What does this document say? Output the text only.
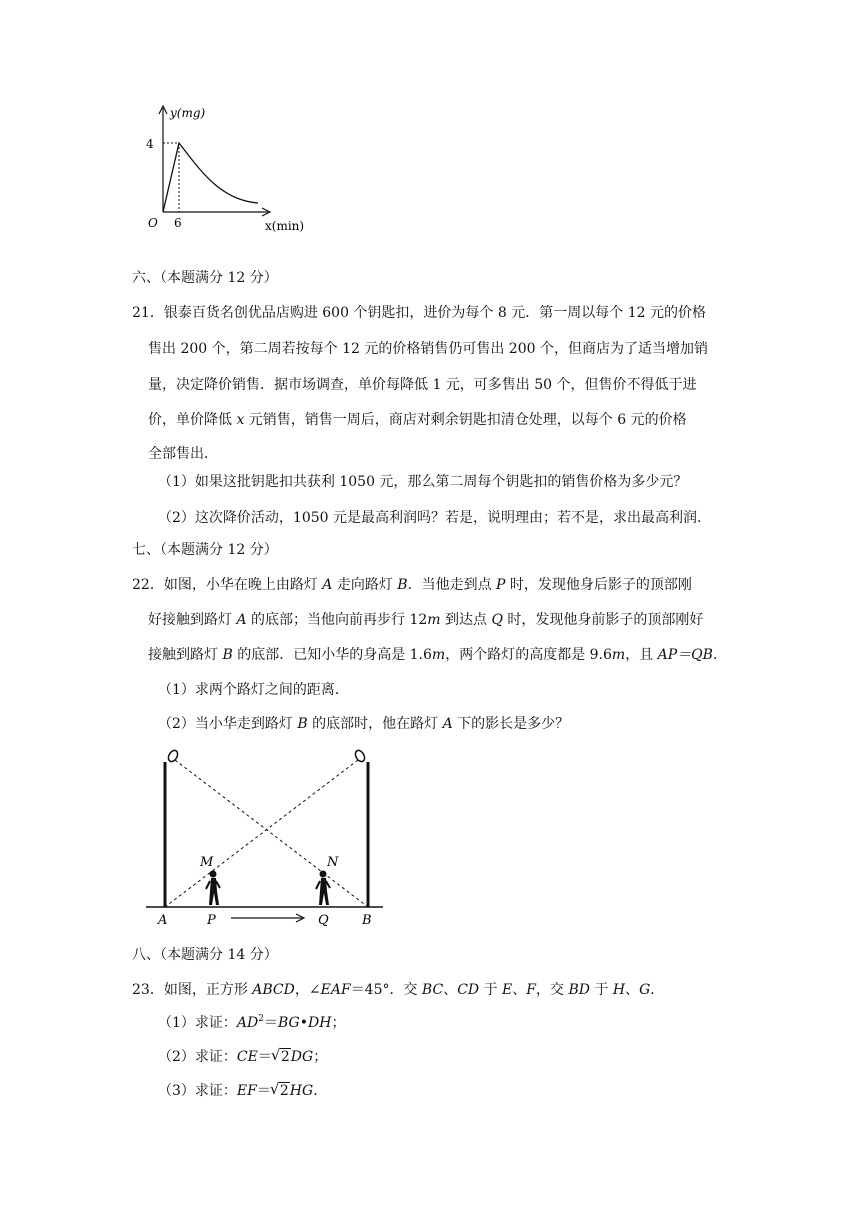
y(mg)
4
O 6	x(min)
六、（本题满分 12 分）
21．银泰百货名创优品店购进 600 个钥匙扣，进价为每个 8 元．第一周以每个 12 元的价格
售出 200 个，第二周若按每个 12 元的价格销售仍可售出 200 个，但商店为了适当增加销
量，决定降价销售．据市场调查，单价每降低 1 元，可多售出 50 个，但售价不得低于进
价，单价降低 x 元销售，销售一周后，商店对剩余钥匙扣清仓处理，以每个 6 元的价格
全部售出．
（1）如果这批钥匙扣共获利 1050 元，那么第二周每个钥匙扣的销售价格为多少元？
（2）这次降价活动，1050 元是最高利润吗？若是，说明理由；若不是，求出最高利润．
七、（本题满分 12 分）
22．如图，小华在晚上由路灯 A 走向路灯 B．当他走到点 P 时，发现他身后影子的顶部刚
好接触到路灯 A 的底部；当他向前再步行 12m 到达点 Q 时，发现他身前影子的顶部刚好
接触到路灯 B 的底部．已知小华的身高是 1.6m，两个路灯的高度都是 9.6m，且 AP＝QB．
（1）求两个路灯之间的距离．
（2）当小华走到路灯 B 的底部时，他在路灯 A 下的影长是多少？
M	N
A	P	Q	B
八、（本题满分 14 分）
23．如图，正方形 ABCD，∠EAF＝45°．交 BC、CD 于 E、F，交 BD 于 H、G．
（1）求证：$AD^2=BG•DH$；
（2）求证：CE＝ √ 2DG；
（3）求证：EF＝ √ 2HG．
